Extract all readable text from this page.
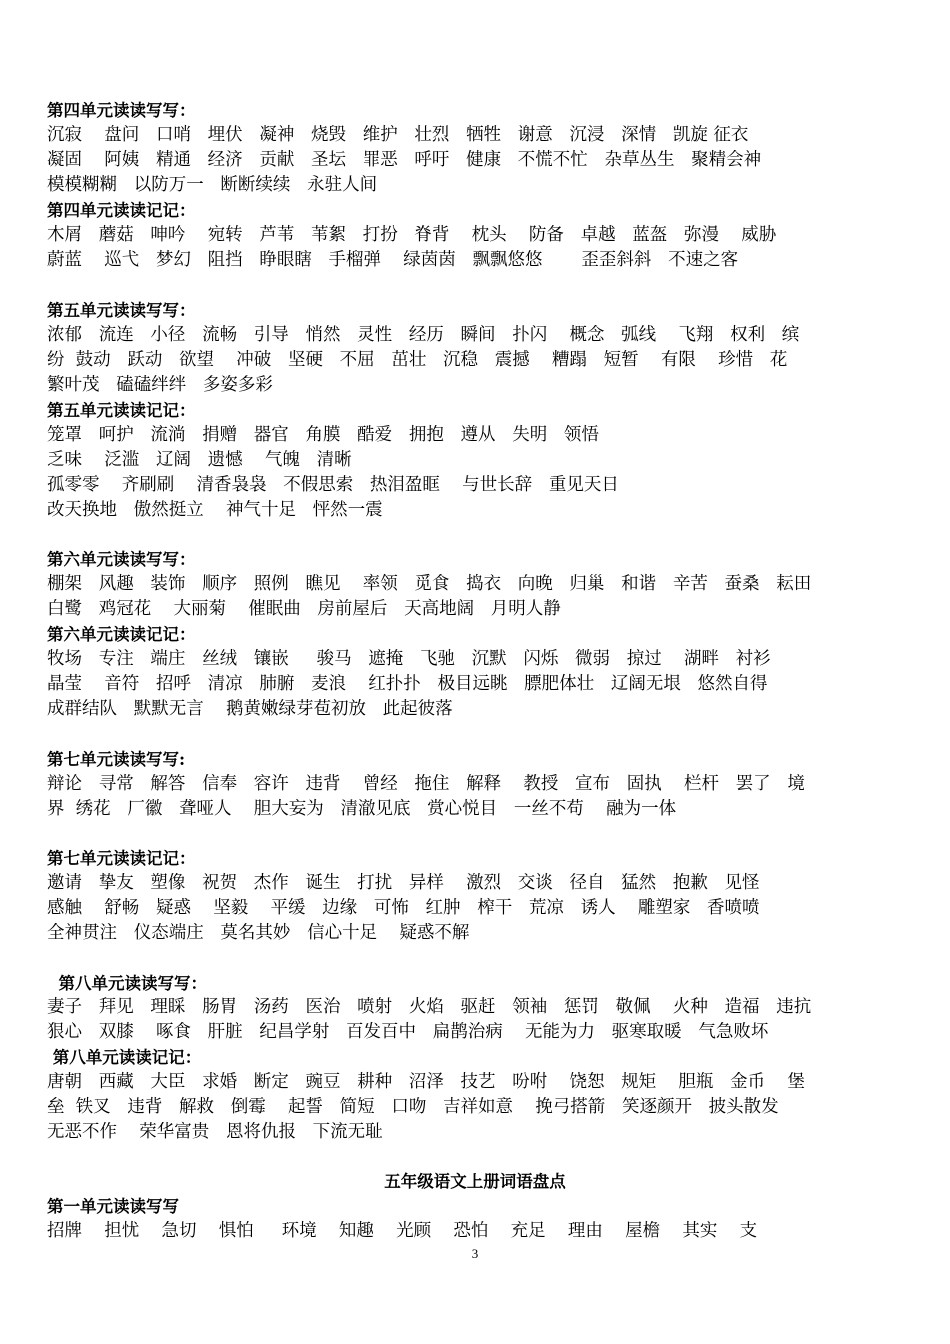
第四单元读读写写：
沉寂    盘问   口哨   埋伏   凝神   烧毁   维护   壮烈   牺牲   谢意   沉浸   深情   凯旋 征衣
凝固    阿姨   精通   经济   贡献   圣坛   罪恶   呼吁   健康   不慌不忙   杂草丛生   聚精会神
模模糊糊   以防万一   断断续续   永驻人间
第四单元读读记记：
木屑   蘑菇   呻吟    宛转   芦苇   苇絮   打扮   脊背    枕头    防备   卓越   蓝盔   弥漫    威胁
蔚蓝    巡弋   梦幻   阻挡   睁眼瞎   手榴弹    绿茵茵   飘飘悠悠       歪歪斜斜   不速之客
第五单元读读写写：
浓郁   流连   小径   流畅   引导   悄然   灵性   经历   瞬间   扑闪    概念   弧线    飞翔   权利   缤
纷  鼓动   跃动   欲望    冲破   坚硬   不屈   茁壮   沉稳   震撼    糟蹋   短暂    有限    珍惜   花
繁叶茂   磕磕绊绊   多姿多彩
第五单元读读记记：
笼罩   呵护   流淌   捐赠   器官   角膜   酷爱   拥抱   遵从   失明   领悟
乏味    泛滥   辽阔   遗憾    气魄   清晰
孤零零    齐刷刷    清香袅袅   不假思索   热泪盈眶    与世长辞   重见天日
改天换地   傲然挺立    神气十足   怦然一震
第六单元读读写写：
棚架   风趣   装饰   顺序   照例   瞧见    率领   觅食   捣衣   向晚   归巢   和谐   辛苦   蚕桑   耘田
白鹭   鸡冠花    大丽菊    催眠曲   房前屋后   天高地阔   月明人静
第六单元读读记记：
牧场   专注   端庄   丝绒   镶嵌     骏马   遮掩   飞驰   沉默   闪烁   微弱   掠过    湖畔   衬衫
晶莹    音符   招呼   清凉   肺腑   麦浪    红扑扑   极目远眺   膘肥体壮   辽阔无垠   悠然自得
成群结队   默默无言    鹅黄嫩绿芽苞初放   此起彼落
第七单元读读写写:
辩论   寻常   解答   信奉   容许   违背    曾经   拖住   解释    教授   宣布   固执    栏杆   罢了   境
界  绣花   厂徽   聋哑人    胆大妄为   清澈见底   赏心悦目   一丝不苟    融为一体
第七单元读读记记：
邀请   挚友   塑像   祝贺   杰作   诞生   打扰   异样    激烈   交谈   径自   猛然   抱歉   见怪
感触    舒畅   疑惑    坚毅    平缓   边缘   可怖   红肿   榨干   荒凉   诱人    雕塑家   香喷喷
全神贯注   仪态端庄   莫名其妙   信心十足    疑惑不解
第八单元读读写写：
妻子   拜见   理睬   肠胃   汤药   医治   喷射   火焰   驱赶   领袖   惩罚   敬佩    火种   造福   违抗
狠心   双膝    啄食   肝脏   纪昌学射   百发百中   扁鹊治病    无能为力   驱寒取暖   气急败坏
第八单元读读记记：
唐朝   西藏   大臣   求婚   断定   豌豆   耕种   沼泽   技艺   吩咐    饶恕   规矩    胆瓶   金币    堡
垒  铁叉   违背   解救   倒霉    起誓   简短   口吻   吉祥如意    挽弓搭箭   笑逐颜开   披头散发
无恶不作    荣华富贵   恩将仇报   下流无耻
五年级语文上册词语盘点
第一单元读读写写
招牌    担忧    急切    惧怕     环境    知趣    光顾    恐怕    充足    理由    屋檐    其实    支
3
